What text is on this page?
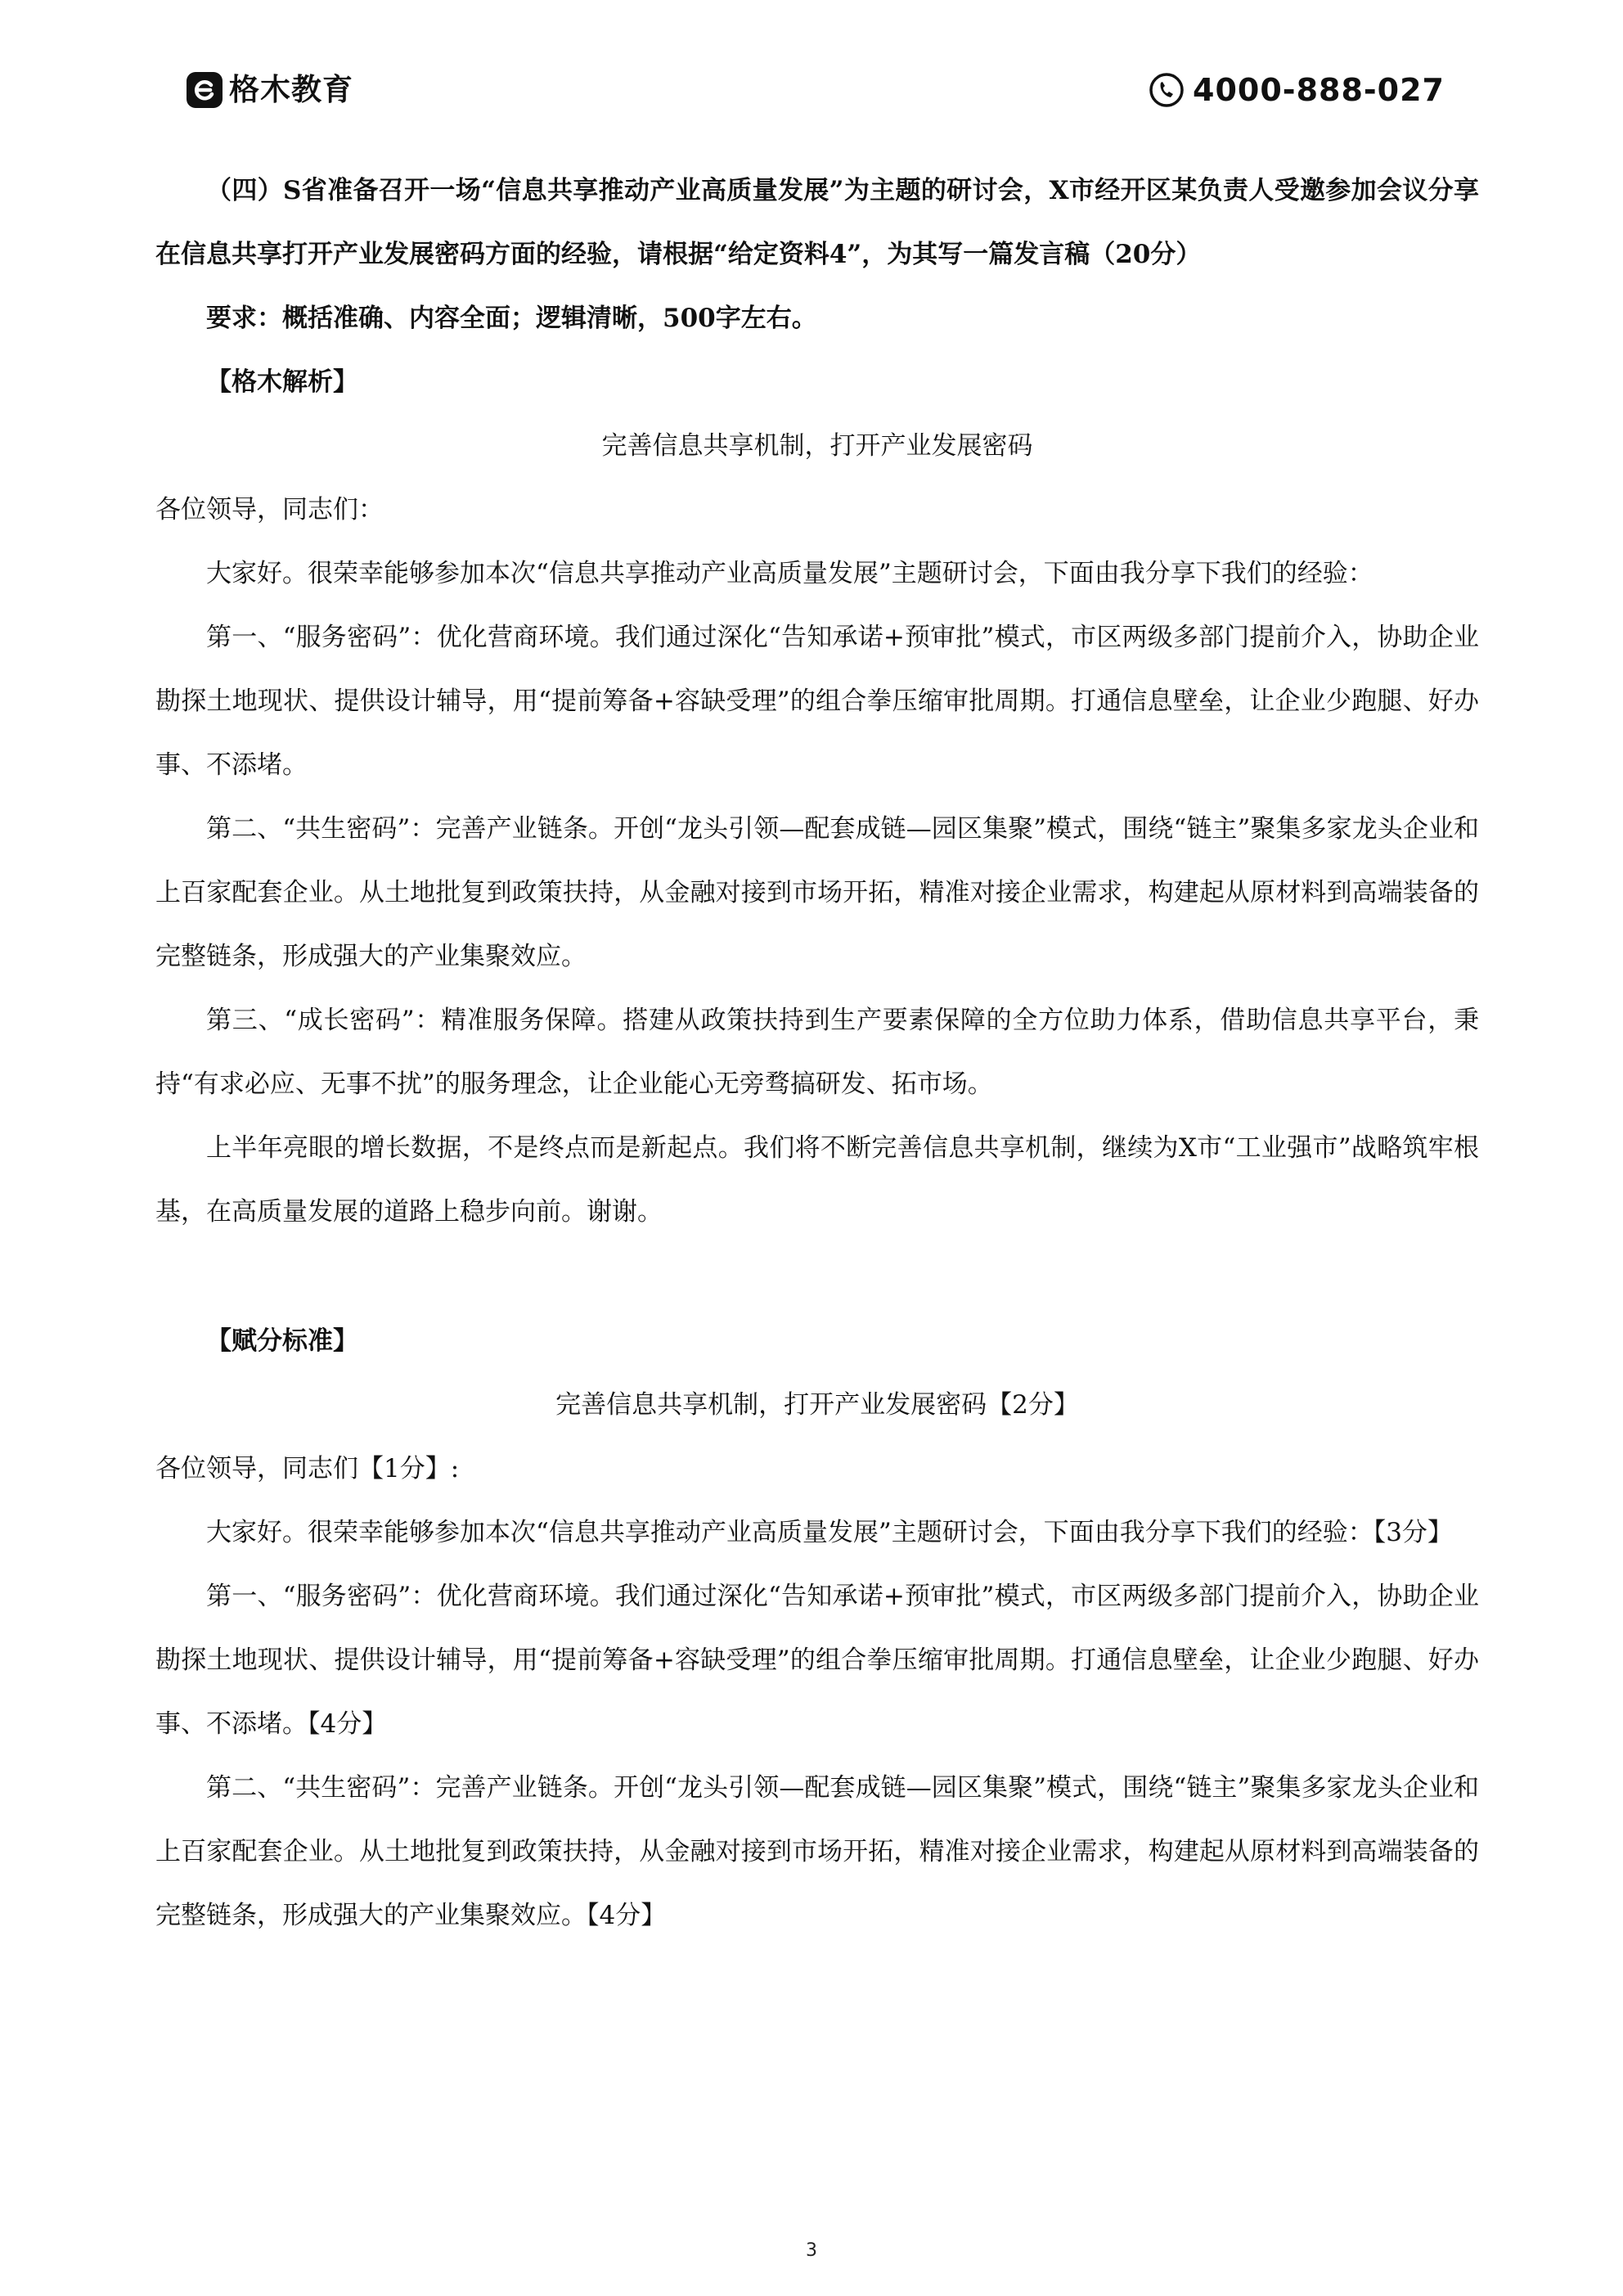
格木教育	4000-888-027

（四）S省准备召开一场“信息共享推动产业高质量发展”为主题的研讨会，X市经开区某负责人受邀参加会议分享在信息共享打开产业发展密码方面的经验，请根据“给定资料4”，为其写一篇发言稿（20分）

要求：概括准确、内容全面；逻辑清晰，500字左右。

【格木解析】

完善信息共享机制，打开产业发展密码

各位领导，同志们：

大家好。很荣幸能够参加本次“信息共享推动产业高质量发展”主题研讨会，下面由我分享下我们的经验：

第一、“服务密码”：优化营商环境。我们通过深化“告知承诺+预审批”模式，市区两级多部门提前介入，协助企业勘探土地现状、提供设计辅导，用“提前筹备+容缺受理”的组合拳压缩审批周期。打通信息壁垒，让企业少跑腿、好办事、不添堵。

第二、“共生密码”：完善产业链条。开创“龙头引领—配套成链—园区集聚”模式，围绕“链主”聚集多家龙头企业和上百家配套企业。从土地批复到政策扶持，从金融对接到市场开拓，精准对接企业需求，构建起从原材料到高端装备的完整链条，形成强大的产业集聚效应。

第三、“成长密码”：精准服务保障。搭建从政策扶持到生产要素保障的全方位助力体系，借助信息共享平台，秉持“有求必应、无事不扰”的服务理念，让企业能心无旁骛搞研发、拓市场。

上半年亮眼的增长数据，不是终点而是新起点。我们将不断完善信息共享机制，继续为X市“工业强市”战略筑牢根基，在高质量发展的道路上稳步向前。谢谢。

【赋分标准】

完善信息共享机制，打开产业发展密码【2分】

各位领导，同志们【1分】:

大家好。很荣幸能够参加本次“信息共享推动产业高质量发展”主题研讨会，下面由我分享下我们的经验：【3分】

第一、“服务密码”：优化营商环境。我们通过深化“告知承诺+预审批”模式，市区两级多部门提前介入，协助企业勘探土地现状、提供设计辅导，用“提前筹备+容缺受理”的组合拳压缩审批周期。打通信息壁垒，让企业少跑腿、好办事、不添堵。【4分】

第二、“共生密码”：完善产业链条。开创“龙头引领—配套成链—园区集聚”模式，围绕“链主”聚集多家龙头企业和上百家配套企业。从土地批复到政策扶持，从金融对接到市场开拓，精准对接企业需求，构建起从原材料到高端装备的完整链条，形成强大的产业集聚效应。【4分】

3
